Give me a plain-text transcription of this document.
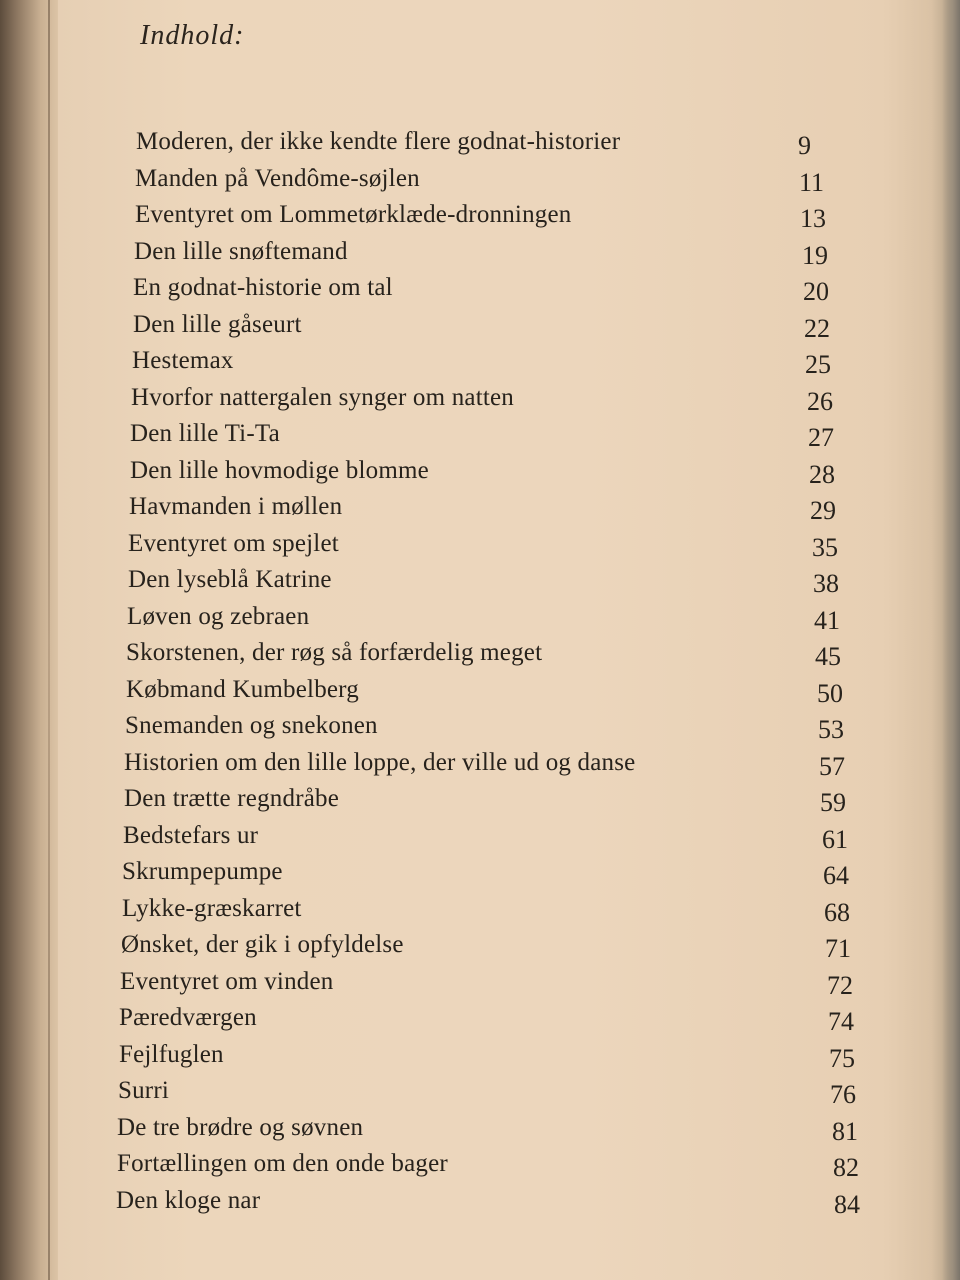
Indhold:
Moderen, der ikke kendte flere godnat-historier	9
Manden på Vendôme-søjlen	11
Eventyret om Lommetørklæde-dronningen	13
Den lille snøftemand	19
En godnat-historie om tal	20
Den lille gåseurt	22
Hestemax	25
Hvorfor nattergalen synger om natten	26
Den lille Ti-Ta	27
Den lille hovmodige blomme	28
Havmanden i møllen	29
Eventyret om spejlet	35
Den lyseblå Katrine	38
Løven og zebraen	41
Skorstenen, der røg så forfærdelig meget	45
Købmand Kumbelberg	50
Snemanden og snekonen	53
Historien om den lille loppe, der ville ud og danse	57
Den trætte regndråbe	59
Bedstefars ur	61
Skrumpepumpe	64
Lykke-græskarret	68
Ønsket, der gik i opfyldelse	71
Eventyret om vinden	72
Pæredværgen	74
Fejlfuglen	75
Surri	76
De tre brødre og søvnen	81
Fortællingen om den onde bager	82
Den kloge nar	84
